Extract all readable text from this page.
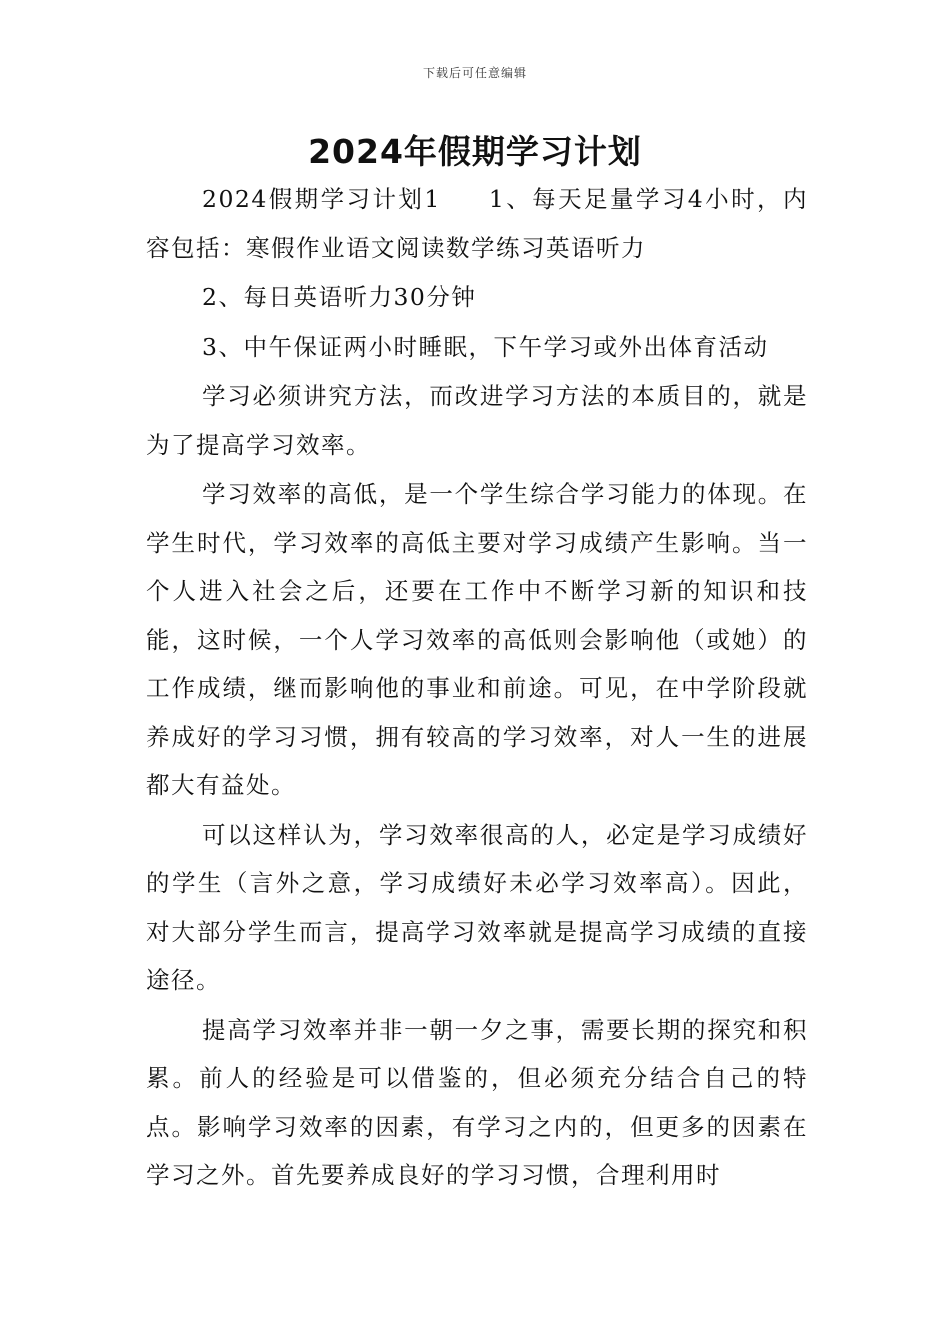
下载后可任意编辑
2024年假期学习计划

2024假期学习计划1 1、每天足量学习4小时，内容包括：寒假作业语文阅读数学练习英语听力

2、每日英语听力30分钟

3、中午保证两小时睡眠，下午学习或外出体育活动

学习必须讲究方法，而改进学习方法的本质目的，就是为了提高学习效率。

学习效率的高低，是一个学生综合学习能力的体现。在学生时代，学习效率的高低主要对学习成绩产生影响。当一个人进入社会之后，还要在工作中不断学习新的知识和技能，这时候，一个人学习效率的高低则会影响他（或她）的工作成绩，继而影响他的事业和前途。可见，在中学阶段就养成好的学习习惯，拥有较高的学习效率，对人一生的进展都大有益处。

可以这样认为，学习效率很高的人，必定是学习成绩好的学生（言外之意，学习成绩好未必学习效率高）。因此，对大部分学生而言，提高学习效率就是提高学习成绩的直接途径。

提高学习效率并非一朝一夕之事，需要长期的探究和积累。前人的经验是可以借鉴的，但必须充分结合自己的特点。影响学习效率的因素，有学习之内的，但更多的因素在学习之外。首先要养成良好的学习习惯，合理利用时
